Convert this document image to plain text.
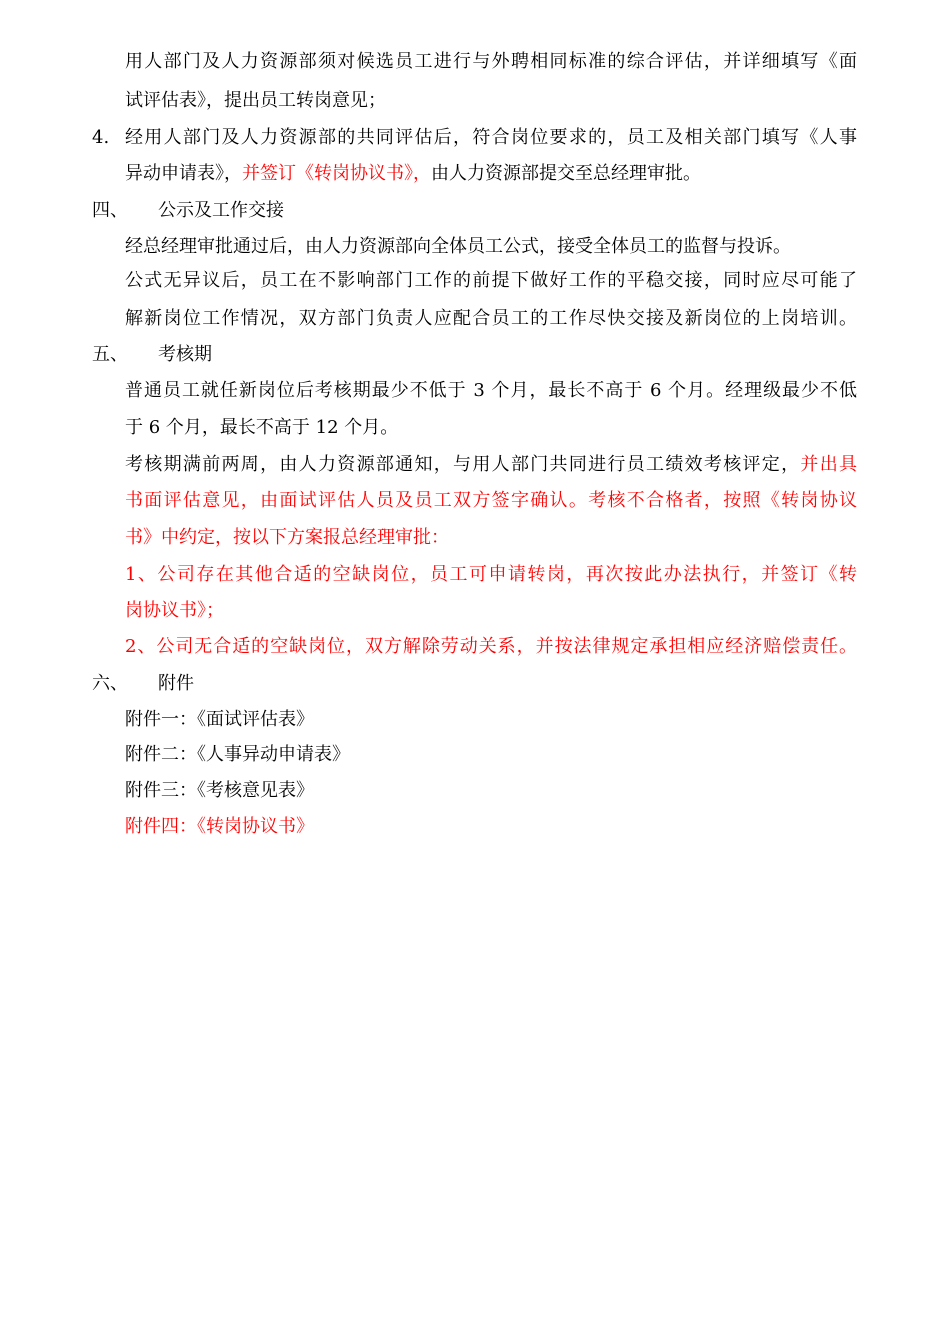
用人部门及人力资源部须对候选员工进行与外聘相同标准的综合评估，并详细填写《面
试评估表》，提出员工转岗意见；
4. 经用人部门及人力资源部的共同评估后，符合岗位要求的，员工及相关部门填写《人事
异动申请表》，并签订《转岗协议书》，由人力资源部提交至总经理审批。
四、 公示及工作交接
经总经理审批通过后，由人力资源部向全体员工公式，接受全体员工的监督与投诉。
公式无异议后，员工在不影响部门工作的前提下做好工作的平稳交接，同时应尽可能了
解新岗位工作情况，双方部门负责人应配合员工的工作尽快交接及新岗位的上岗培训。
五、 考核期
普通员工就任新岗位后考核期最少不低于 3 个月，最长不高于 6 个月。经理级最少不低
于 6 个月，最长不高于 12 个月。
考核期满前两周，由人力资源部通知，与用人部门共同进行员工绩效考核评定，并出具
书面评估意见，由面试评估人员及员工双方签字确认。考核不合格者，按照《转岗协议
书》中约定，按以下方案报总经理审批：
1、公司存在其他合适的空缺岗位，员工可申请转岗，再次按此办法执行，并签订《转
岗协议书》；
2、公司无合适的空缺岗位，双方解除劳动关系，并按法律规定承担相应经济赔偿责任。
六、 附件
附件一：《面试评估表》
附件二：《人事异动申请表》
附件三：《考核意见表》
附件四：《转岗协议书》
